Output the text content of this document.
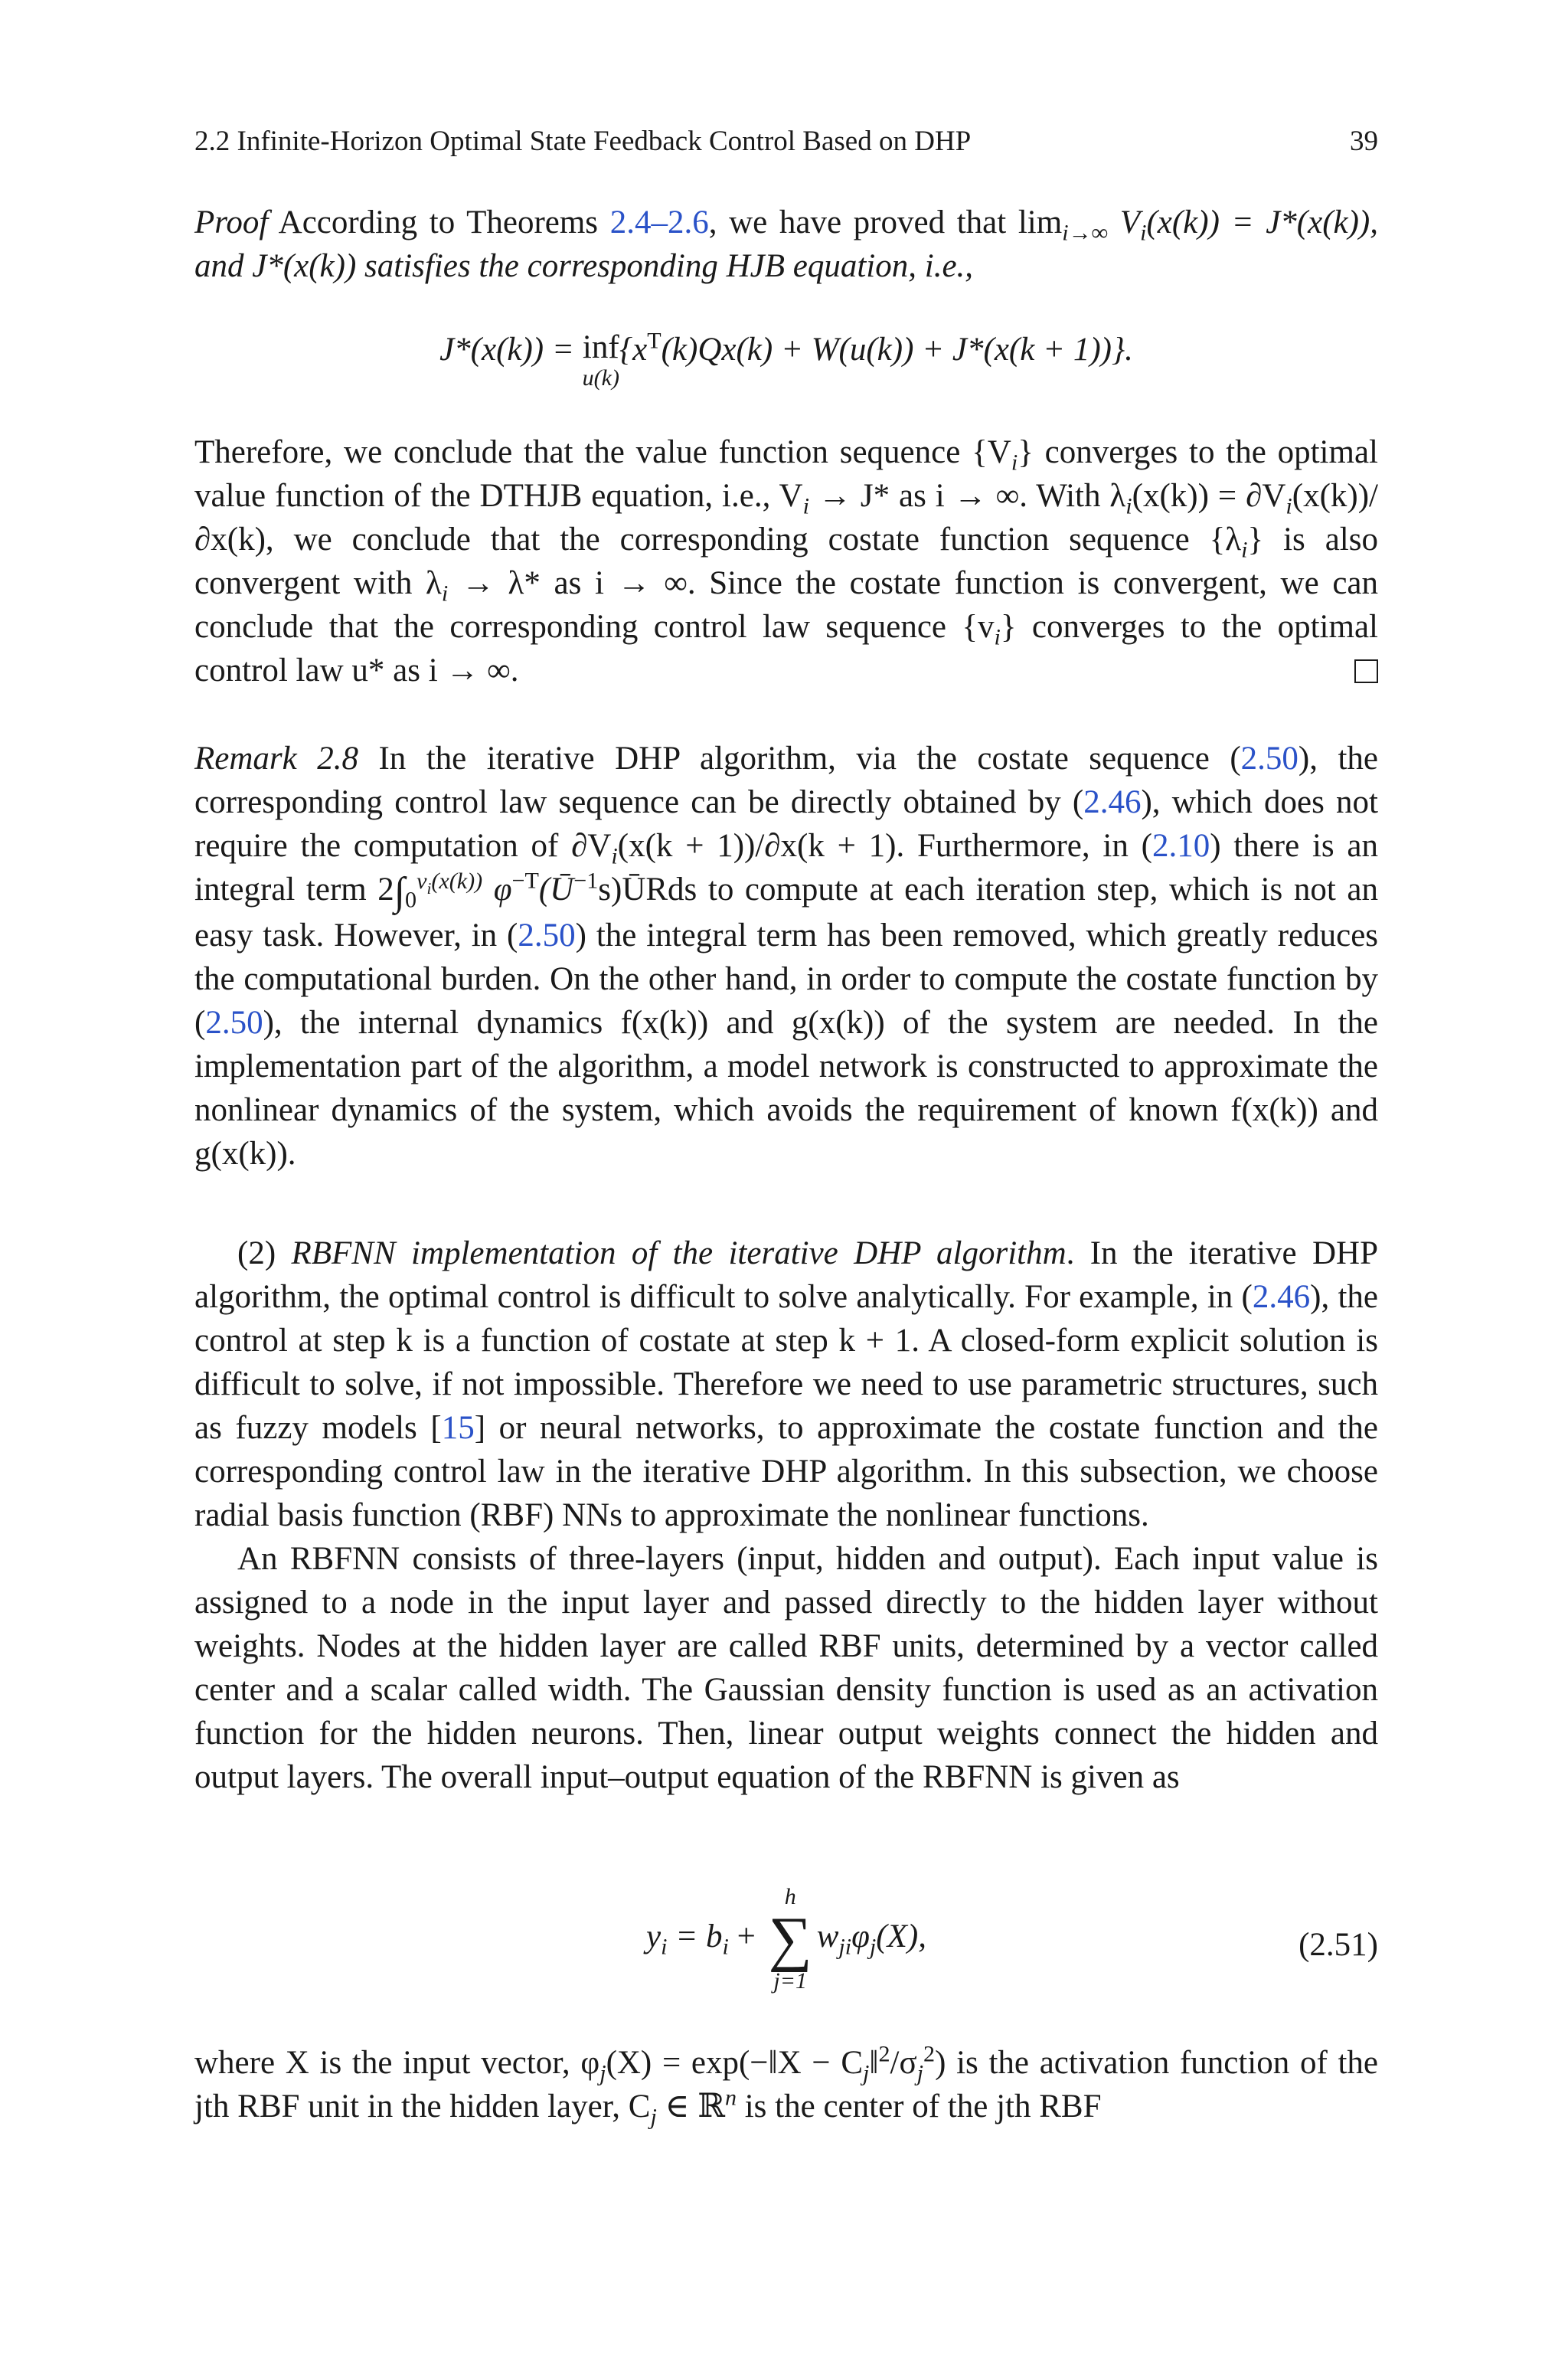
2.2 Infinite-Horizon Optimal State Feedback Control Based on DHP	39

Proof According to Theorems 2.4–2.6, we have proved that $\lim_{i\to\infty} V_i(x(k)) = J*(x(k))$, and J*(x(k)) satisfies the corresponding HJB equation, i.e.,

J*(x(k)) = inf
u(k)
$\{x^T(k)Qx(k) + W(u(k)) + J*(x(k + 1))\}$.

Therefore, we conclude that the value function sequence $\{V_i\}$ converges to the optimal value function of the DTHJB equation, i.e., $V_i \to J*$ as i → ∞. With $\lambda_i(x(k)) = \partial V_i(x(k))/\partial x(k)$, we conclude that the corresponding costate function sequence $\{\lambda_i\}$ is also convergent with $\lambda_i \to \lambda*$ as i → ∞. Since the costate function is convergent, we can conclude that the corresponding control law sequence $\{v_i\}$ converges to the optimal control law u* as i → ∞.

Remark 2.8 In the iterative DHP algorithm, via the costate sequence (2.50), the corresponding control law sequence can be directly obtained by (2.46), which does not require the computation of $\partial V_i(x(k + 1))/\partial x(k + 1)$. Furthermore, in (2.10) there is an integral term $2\int_0^{v_i(x(k))}$ $\varphi^{-T}(Ū^{-1}s)ŪRds$ to compute at each iteration step, which is not an easy task. However, in (2.50) the integral term has been removed, which greatly reduces the computational burden. On the other hand, in order to compute the costate function by (2.50), the internal dynamics f(x(k)) and g(x(k)) of the system are needed. In the implementation part of the algorithm, a model network is constructed to approximate the nonlinear dynamics of the system, which avoids the requirement of known f(x(k)) and g(x(k)).

(2) RBFNN implementation of the iterative DHP algorithm. In the iterative DHP algorithm, the optimal control is difficult to solve analytically. For example, in (2.46), the control at step k is a function of costate at step k + 1. A closed-form explicit solution is difficult to solve, if not impossible. Therefore we need to use parametric structures, such as fuzzy models [15] or neural networks, to approximate the costate function and the corresponding control law in the iterative DHP algorithm. In this subsection, we choose radial basis function (RBF) NNs to approximate the nonlinear functions.

An RBFNN consists of three-layers (input, hidden and output). Each input value is assigned to a node in the input layer and passed directly to the hidden layer without weights. Nodes at the hidden layer are called RBF units, determined by a vector called center and a scalar called width. The Gaussian density function is used as an activation function for the hidden neurons. Then, linear output weights connect the hidden and output layers. The overall input–output equation of the RBFNN is given as

$y_i = b_i$ +
h
∑
j=1
$w_{ji}\varphi_j(X)$,	(2.51)

where X is the input vector, $\varphi_j(X)$ = exp(−‖X − $C_j‖^2/\sigma_j^2$) is the activation function of the jth RBF unit in the hidden layer, $C_j$ ∈ ℝ$^n$ is the center of the jth RBF
